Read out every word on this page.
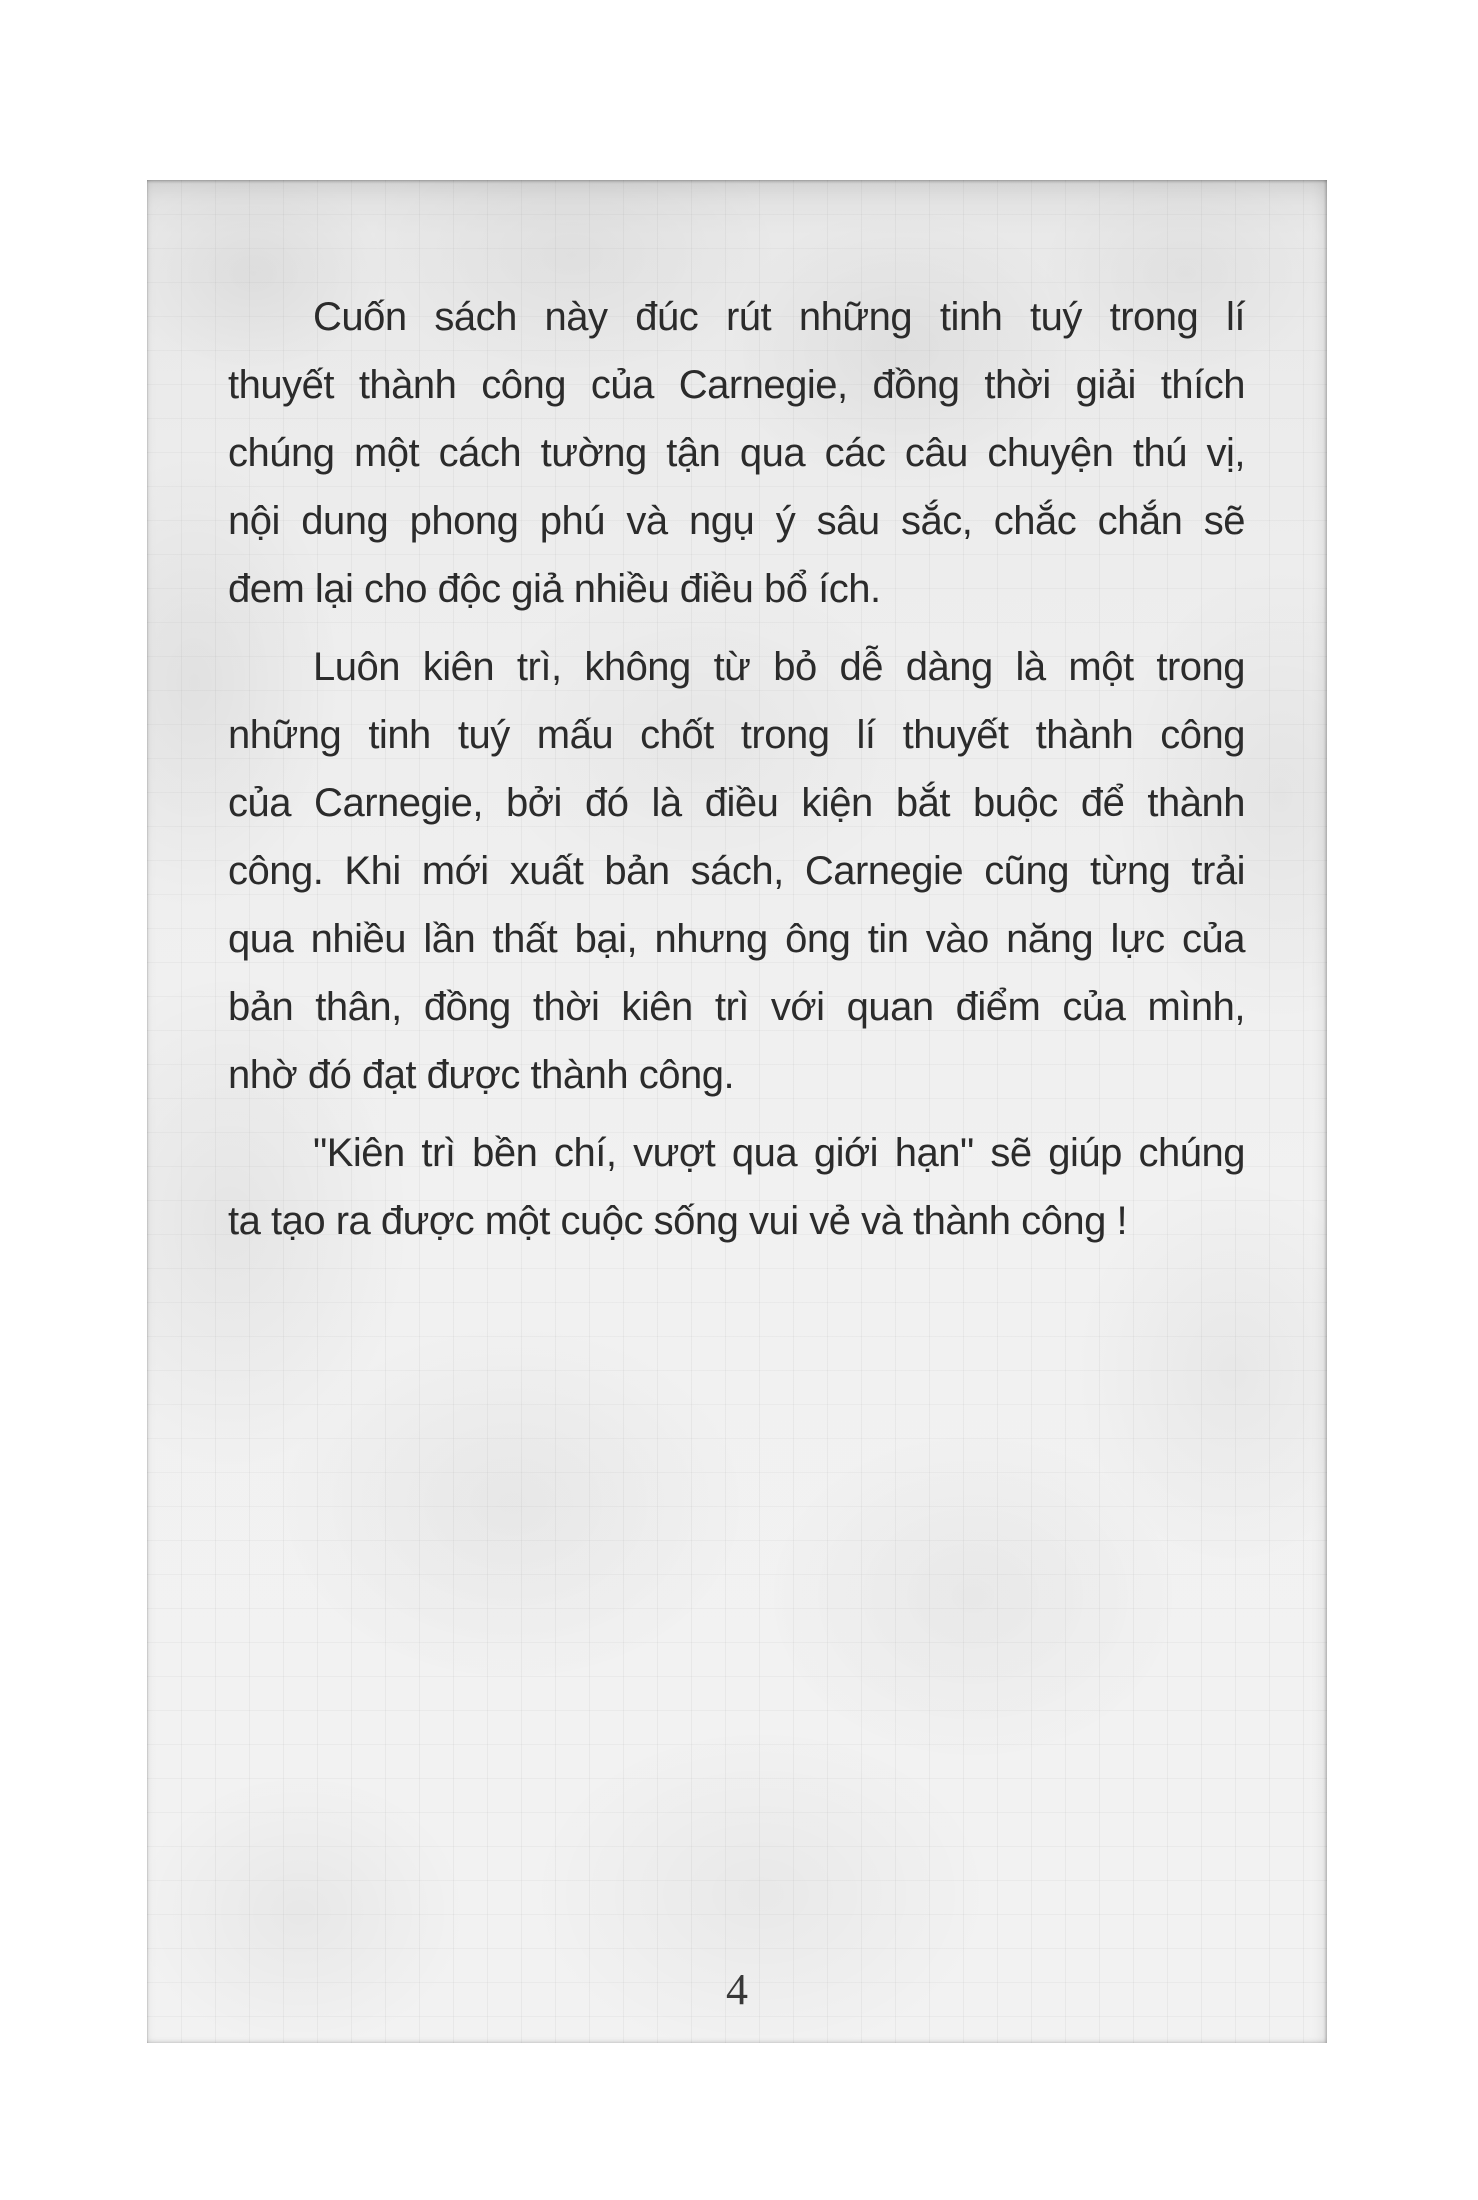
Cuốn sách này đúc rút những tinh tuý trong lí
thuyết thành công của Carnegie, đồng thời giải thích
chúng một cách tường tận qua các câu chuyện thú vị,
nội dung phong phú và ngụ ý sâu sắc, chắc chắn sẽ
đem lại cho độc giả nhiều điều bổ ích.
Luôn kiên trì, không từ bỏ dễ dàng là một trong
những tinh tuý mấu chốt trong lí thuyết thành công
của Carnegie, bởi đó là điều kiện bắt buộc để thành
công. Khi mới xuất bản sách, Carnegie cũng từng trải
qua nhiều lần thất bại, nhưng ông tin vào năng lực của
bản thân, đồng thời kiên trì với quan điểm của mình,
nhờ đó đạt được thành công.
"Kiên trì bền chí, vượt qua giới hạn" sẽ giúp chúng
ta tạo ra được một cuộc sống vui vẻ và thành công !
4
